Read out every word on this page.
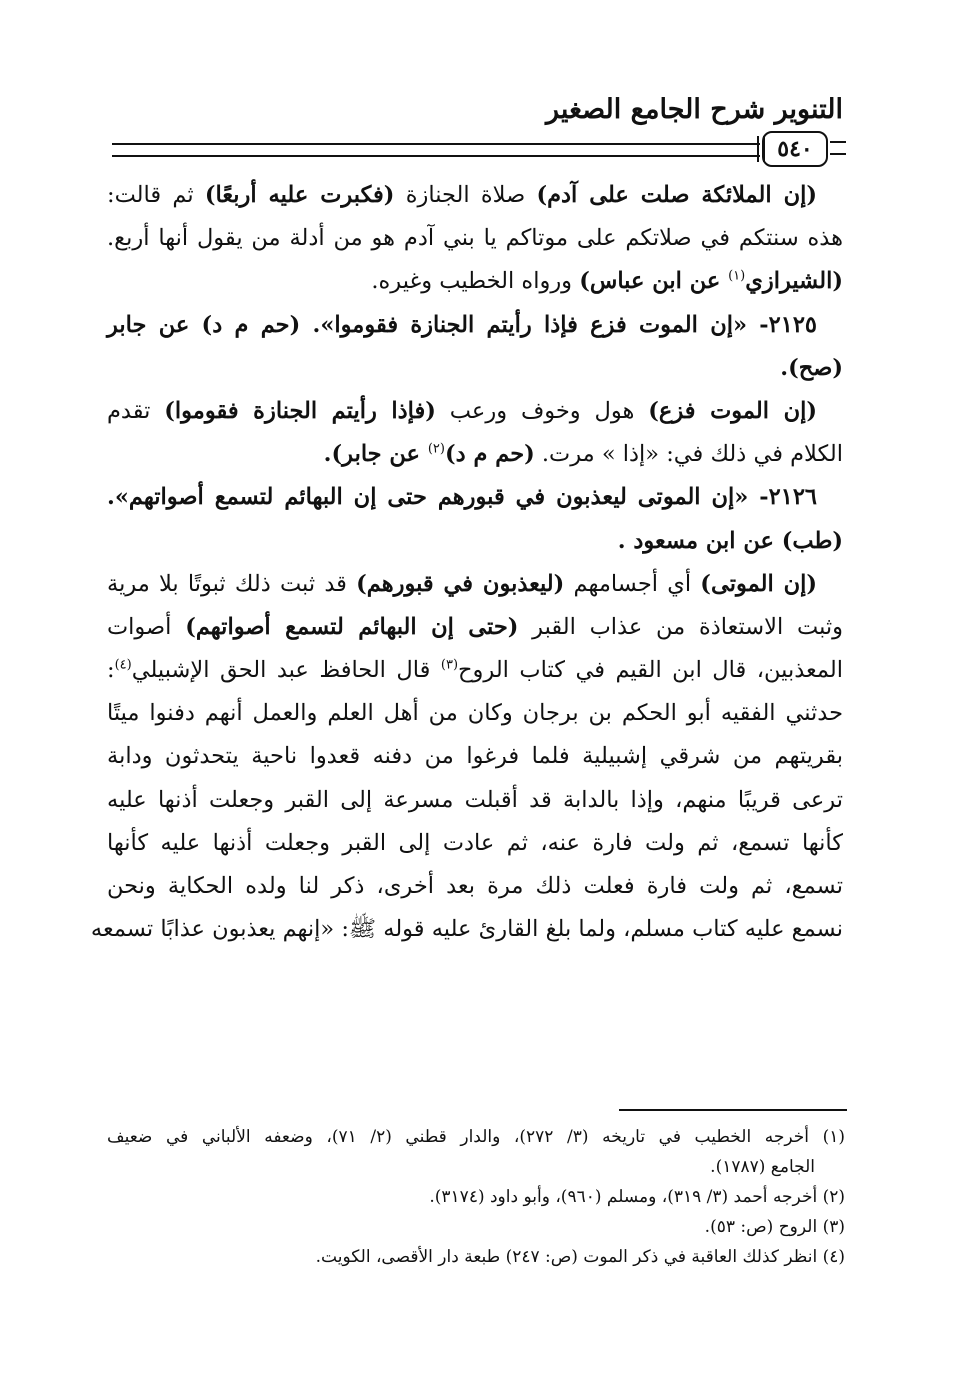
التنوير شرح الجامع الصغير
٥٤٠
(إن الملائكة صلت على آدم) صلاة الجنازة (فكبرت عليه أربعًا) ثم قالت:
هذه سنتكم في صلاتكم على موتاكم يا بني آدم هو من أدلة من يقول أنها أربع.
(الشيرازي$^{(١)}$ عن ابن عباس) ورواه الخطيب وغيره.
٢١٢٥- «إن الموت فزع فإذا رأيتم الجنازة فقوموا». (حم م د) عن جابر
(صح).
(إن الموت فزع) هول وخوف ورعب (فإذا رأيتم الجنازة فقوموا) تقدم
الكلام في ذلك في: «إذا » مرت. (حم م د)$^{(٢)}$ عن جابر).
٢١٢٦- «إن الموتى ليعذبون في قبورهم حتى إن البهائم لتسمع أصواتهم».
(طب) عن ابن مسعود .
(إن الموتى) أي أجسامهم (ليعذبون في قبورهم) قد ثبت ذلك ثبوتًا بلا مرية
وثبت الاستعاذة من عذاب القبر (حتى إن البهائم لتسمع أصواتهم) أصوات
المعذبين، قال ابن القيم في كتاب الروح$^{(٣)}$ قال الحافظ عبد الحق الإشبيلي$^{(٤)}$:
حدثني الفقيه أبو الحكم بن برجان وكان من أهل العلم والعمل أنهم دفنوا ميتًا
بقريتهم من شرقي إشبيلية فلما فرغوا من دفنه قعدوا ناحية يتحدثون ودابة
ترعى قريبًا منهم، وإذا بالدابة قد أقبلت مسرعة إلى القبر وجعلت أذنها عليه
كأنها تسمع، ثم ولت فارة عنه، ثم عادت إلى القبر وجعلت أذنها عليه كأنها
تسمع، ثم ولت فارة فعلت ذلك مرة بعد أخرى، ذكر لنا ولده الحكاية ونحن
نسمع عليه كتاب مسلم، ولما بلغ القارئ عليه قوله ﷺ: «إنهم يعذبون عذابًا تسمعه
(١) أخرجه الخطيب في تاريخه (٣/ ٢٧٢)، والدار قطني (٢/ ٧١)، وضعفه الألباني في ضعيف
الجامع (١٧٨٧).
(٢) أخرجه أحمد (٣/ ٣١٩)، ومسلم (٩٦٠)، وأبو داود (٣١٧٤).
(٣) الروح (ص: ٥٣).
(٤) انظر كذلك العاقبة في ذكر الموت (ص: ٢٤٧) طبعة دار الأقصى، الكويت.
